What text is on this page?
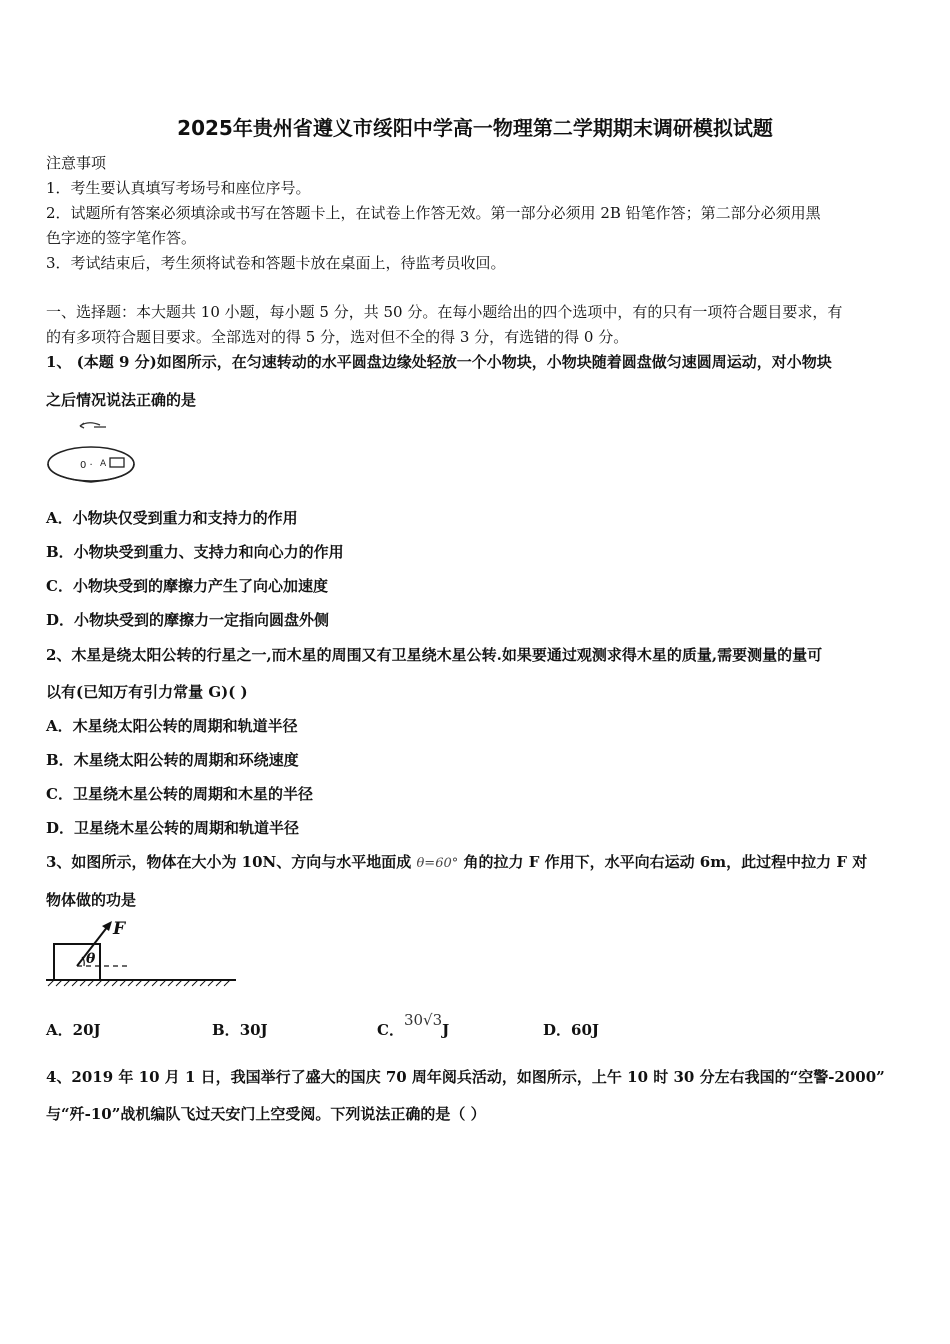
2025年贵州省遵义市绥阳中学高一物理第二学期期末调研模拟试题
注意事项
1．考生要认真填写考场号和座位序号。
2．试题所有答案必须填涂或书写在答题卡上，在试卷上作答无效。第一部分必须用 2B 铅笔作答；第二部分必须用黑
色字迹的签字笔作答。
3．考试结束后，考生须将试卷和答题卡放在桌面上，待监考员收回。
一、选择题：本大题共 10 小题，每小题 5 分，共 50 分。在每小题给出的四个选项中，有的只有一项符合题目要求，有
的有多项符合题目要求。全部选对的得 5 分，选对但不全的得 3 分，有选错的得 0 分。
1、 (本题 9 分)如图所示，在匀速转动的水平圆盘边缘处轻放一个小物块，小物块随着圆盘做匀速圆周运动，对小物块
之后情况说法正确的是
0 · A
A．小物块仅受到重力和支持力的作用
B．小物块受到重力、支持力和向心力的作用
C．小物块受到的摩擦力产生了向心加速度
D．小物块受到的摩擦力一定指向圆盘外侧
2、木星是绕太阳公转的行星之一,而木星的周围又有卫星绕木星公转.如果要通过观测求得木星的质量,需要测量的量可
以有(已知万有引力常量 G)( )
A．木星绕太阳公转的周期和轨道半径
B．木星绕太阳公转的周期和环绕速度
C．卫星绕木星公转的周期和木星的半径
D．卫星绕木星公转的周期和轨道半径
3、如图所示，物体在大小为 10N、方向与水平地面成 θ=60° 角的拉力 F 作用下，水平向右运动 6m，此过程中拉力 F 对
物体做的功是
F
θ
A．20J	B．30J	C．30√3J	D．60J
4、2019 年 10 月 1 日，我国举行了盛大的国庆 70 周年阅兵活动，如图所示，上午 10 时 30 分左右我国的“空警-2000”
与“歼-10”战机编队飞过天安门上空受阅。下列说法正确的是（ ）
